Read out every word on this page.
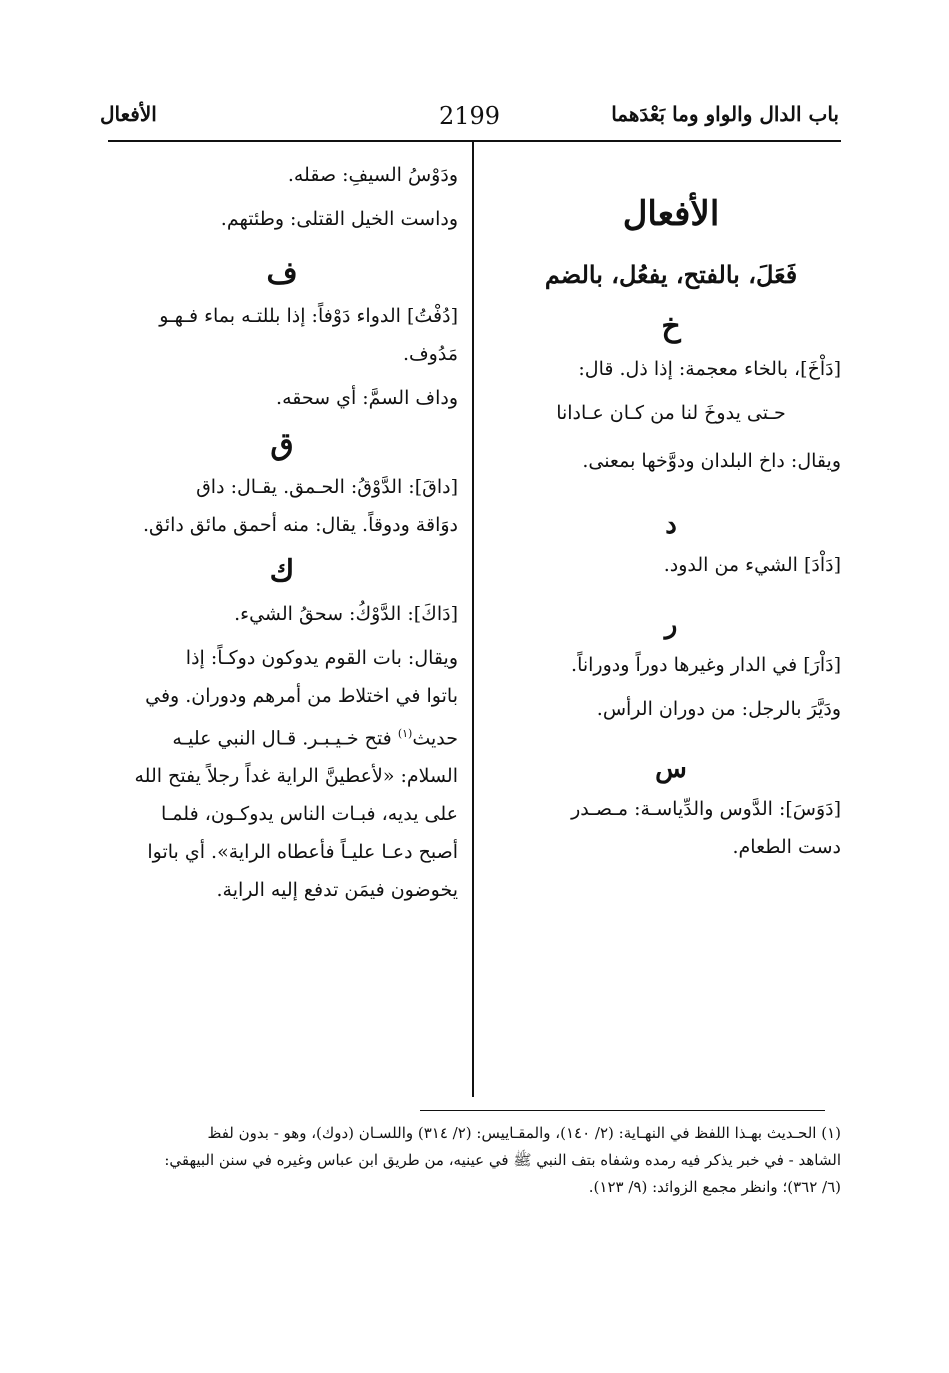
باب الدال والواو وما بَعْدَهما
2199
الأفعال
الأفعال
فَعَلَ، بالفتح، يفعُل، بالضم
خ

[دَاْخَ]، بالخاء معجمة: إذا ذل. قال:

حـتى يدوخَ لنا من كـان عـادانا

ويقال: داخ البلدان ودوَّخها بمعنى.

د

[دَاْدَ] الشيء من الدود.

ر

[دَاْرَ] في الدار وغيرها دوراً ودوراناً.

ودَيَّرَ بالرجل: من دوران الرأس.

س

[دَوَسَ]: الدَّوس والدِّياسـة: مـصـدر

دست الطعام.

ودَوْسُ السيفِ: صقله.

وداست الخيل القتلى: وطئتهم.

ف

[دُفْتُ] الدواء دَوْفاً: إذا بللتـه بماء فـهـو

مَدُوف.

وداف السمَّ: أي سحقه.

ق

[داقَ]: الدَّوْقُ: الحـمق. يقـال: داق

دوَاقة ودوقاً. يقال: منه أحمق مائق دائق.

ك

[دَاكَ]: الدَّوْكُ: سحقُ الشيء.

ويقال: بات القوم يدوكون دوكـاً: إذا

باتوا في اختلاط من أمرهم ودوران. وفي

حديث$^{(١)}$ فتح خـيـبـر. قـال النبي عليـه

السلام: «لأعطينَّ الراية غداً رجلاً يفتح الله

على يديه، فبـات الناس يدوكـون، فلمـا

أصبح دعـا عليـاً فأعطاه الراية». أي باتوا

يخوضون فيمَن تدفع إليه الراية.

(١) الحـديث بهـذا اللفظ في النهـاية: (٢/ ١٤٠)، والمقـاييس: (٢/ ٣١٤) واللسـان (دوك)، وهو - بدون لفظ

الشاهد - في خبر يذكر فيه رمده وشفاه بتف النبي ﷺ في عينيه، من طريق ابن عباس وغيره في سنن البيهقي:

(٦/ ٣٦٢)؛ وانظر مجمع الزوائد: (٩/ ١٢٣).
